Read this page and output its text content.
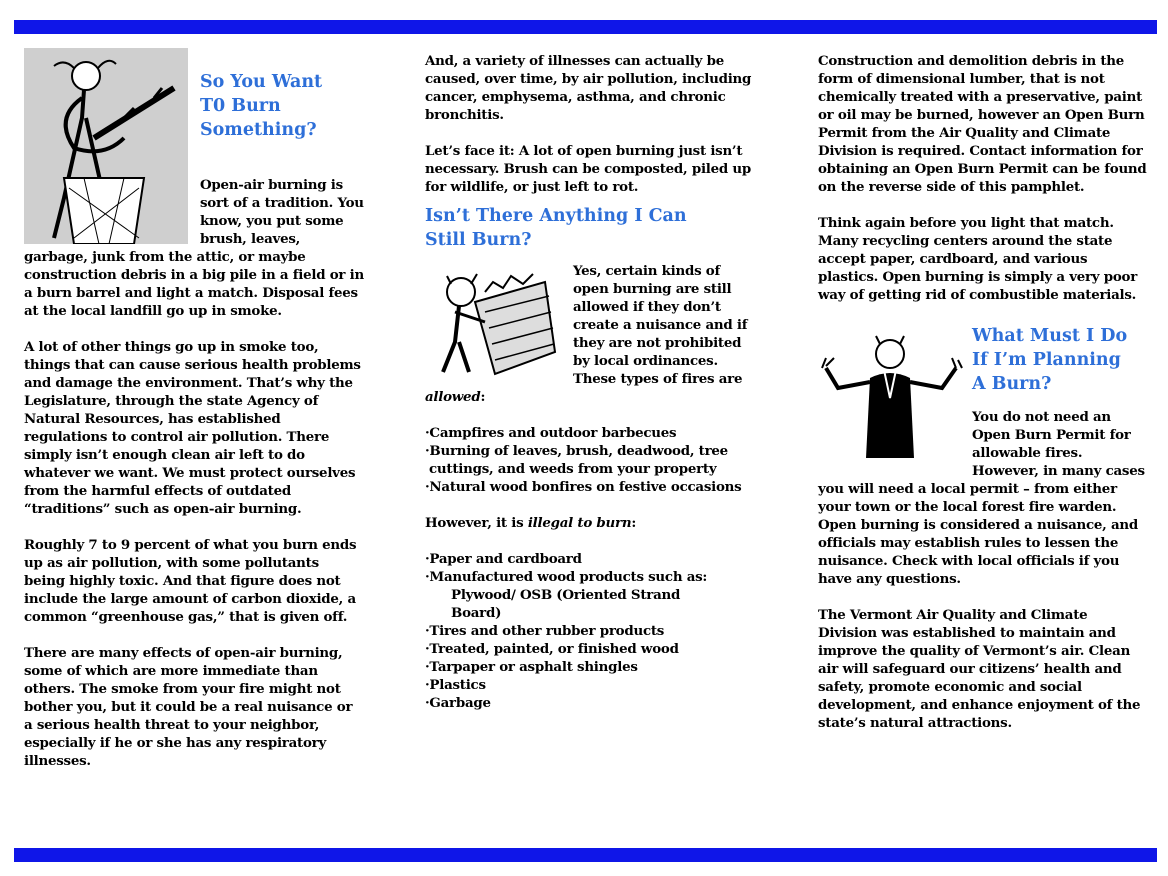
So You Want
T0 Burn
Something?

Open-air burning is sort of a tradition. You know, you put some brush, leaves, garbage, junk from the attic, or maybe construction debris in a big pile in a field or in a burn barrel and light a match. Disposal fees at the local landfill go up in smoke.

A lot of other things go up in smoke too, things that can cause serious health problems and damage the environment. That’s why the Legislature, through the state Agency of Natural Resources, has established regulations to control air pollution. There simply isn’t enough clean air left to do whatever we want. We must protect ourselves from the harmful effects of outdated “traditions” such as open-air burning.

Roughly 7 to 9 percent of what you burn ends up as air pollution, with some pollutants being highly toxic. And that figure does not include the large amount of carbon dioxide, a common “greenhouse gas,” that is given off.

There are many effects of open-air burning, some of which are more immediate than others. The smoke from your fire might not bother you, but it could be a real nuisance or a serious health threat to your neighbor, especially if he or she has any respiratory illnesses.

And, a variety of illnesses can actually be caused, over time, by air pollution, including cancer, emphysema, asthma, and chronic bronchitis.

Let’s face it: A lot of open burning just isn’t necessary. Brush can be composted, piled up for wildlife, or just left to rot.

Isn’t There Anything I Can
Still Burn?

Yes, certain kinds of open burning are still allowed if they don’t create a nuisance and if they are not prohibited by local ordinances. These types of fires are allowed:

·Campfires and outdoor barbecues
·Burning of leaves, brush, deadwood, tree cuttings, and weeds from your property
·Natural wood bonfires on festive occasions

However, it is illegal to burn:

·Paper and cardboard
·Manufactured wood products such as:
Plywood/ OSB (Oriented Strand Board)
·Tires and other rubber products
·Treated, painted, or finished wood
·Tarpaper or asphalt shingles
·Plastics
·Garbage

Construction and demolition debris in the form of dimensional lumber, that is not chemically treated with a preservative, paint or oil may be burned, however an Open Burn Permit from the Air Quality and Climate Division is required. Contact information for obtaining an Open Burn Permit can be found on the reverse side of this pamphlet.

Think again before you light that match. Many recycling centers around the state accept paper, cardboard, and various plastics. Open burning is simply a very poor way of getting rid of combustible materials.

What Must I Do
If I’m Planning
A Burn?

You do not need an Open Burn Permit for allowable fires. However, in many cases you will need a local permit – from either your town or the local forest fire warden. Open burning is considered a nuisance, and officials may establish rules to lessen the nuisance. Check with local officials if you have any questions.

The Vermont Air Quality and Climate Division was established to maintain and improve the quality of Vermont’s air. Clean air will safeguard our citizens’ health and safety, promote economic and social development, and enhance enjoyment of the state’s natural attractions.
